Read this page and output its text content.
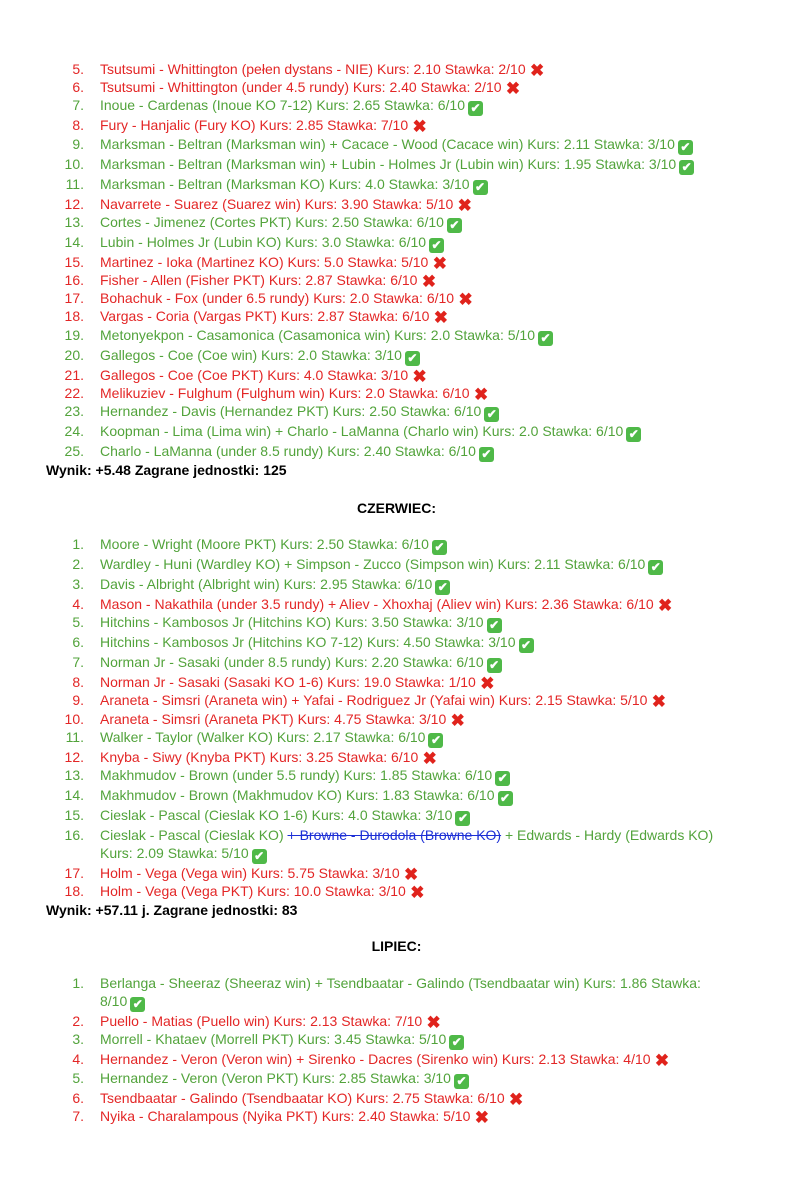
5. Tsutsumi - Whittington (pełen dystans - NIE) Kurs: 2.10 Stawka: 2/10 ✖
6. Tsutsumi - Whittington (under 4.5 rundy) Kurs: 2.40 Stawka: 2/10 ✖
7. Inoue - Cardenas (Inoue KO 7-12) Kurs: 2.65 Stawka: 6/10 ✔
8. Fury - Hanjalic (Fury KO) Kurs: 2.85 Stawka: 7/10 ✖
9. Marksman - Beltran (Marksman win) + Cacace - Wood (Cacace win) Kurs: 2.11 Stawka: 3/10 ✔
10. Marksman - Beltran (Marksman win) + Lubin - Holmes Jr (Lubin win) Kurs: 1.95 Stawka: 3/10 ✔
11. Marksman - Beltran (Marksman KO) Kurs: 4.0 Stawka: 3/10 ✔
12. Navarrete - Suarez (Suarez win) Kurs: 3.90 Stawka: 5/10 ✖
13. Cortes - Jimenez (Cortes PKT) Kurs: 2.50 Stawka: 6/10 ✔
14. Lubin - Holmes Jr (Lubin KO) Kurs: 3.0 Stawka: 6/10 ✔
15. Martinez - Ioka (Martinez KO) Kurs: 5.0 Stawka: 5/10 ✖
16. Fisher - Allen (Fisher PKT) Kurs: 2.87 Stawka: 6/10 ✖
17. Bohachuk - Fox (under 6.5 rundy) Kurs: 2.0 Stawka: 6/10 ✖
18. Vargas - Coria (Vargas PKT) Kurs: 2.87 Stawka: 6/10 ✖
19. Metonyekpon - Casamonica (Casamonica win) Kurs: 2.0 Stawka: 5/10 ✔
20. Gallegos - Coe (Coe win) Kurs: 2.0 Stawka: 3/10 ✔
21. Gallegos - Coe (Coe PKT) Kurs: 4.0 Stawka: 3/10 ✖
22. Melikuziev - Fulghum (Fulghum win) Kurs: 2.0 Stawka: 6/10 ✖
23. Hernandez - Davis (Hernandez PKT) Kurs: 2.50 Stawka: 6/10 ✔
24. Koopman - Lima (Lima win) + Charlo - LaManna (Charlo win) Kurs: 2.0 Stawka: 6/10 ✔
25. Charlo - LaManna (under 8.5 rundy) Kurs: 2.40 Stawka: 6/10 ✔
Wynik: +5.48 Zagrane jednostki: 125
CZERWIEC:
1. Moore - Wright (Moore PKT) Kurs: 2.50 Stawka: 6/10 ✔
2. Wardley - Huni (Wardley KO) + Simpson - Zucco (Simpson win) Kurs: 2.11 Stawka: 6/10 ✔
3. Davis - Albright (Albright win) Kurs: 2.95 Stawka: 6/10 ✔
4. Mason - Nakathila (under 3.5 rundy) + Aliev - Xhoxhaj (Aliev win) Kurs: 2.36 Stawka: 6/10 ✖
5. Hitchins - Kambosos Jr (Hitchins KO) Kurs: 3.50 Stawka: 3/10 ✔
6. Hitchins - Kambosos Jr (Hitchins KO 7-12) Kurs: 4.50 Stawka: 3/10 ✔
7. Norman Jr - Sasaki (under 8.5 rundy) Kurs: 2.20 Stawka: 6/10 ✔
8. Norman Jr - Sasaki (Sasaki KO 1-6) Kurs: 19.0 Stawka: 1/10 ✖
9. Araneta - Simsri (Araneta win) + Yafai - Rodriguez Jr (Yafai win) Kurs: 2.15 Stawka: 5/10 ✖
10. Araneta - Simsri (Araneta PKT) Kurs: 4.75 Stawka: 3/10 ✖
11. Walker - Taylor (Walker KO) Kurs: 2.17 Stawka: 6/10 ✔
12. Knyba - Siwy (Knyba PKT) Kurs: 3.25 Stawka: 6/10 ✖
13. Makhmudov - Brown (under 5.5 rundy) Kurs: 1.85 Stawka: 6/10 ✔
14. Makhmudov - Brown (Makhmudov KO) Kurs: 1.83 Stawka: 6/10 ✔
15. Cieslak - Pascal (Cieslak KO 1-6) Kurs: 4.0 Stawka: 3/10 ✔
16. Cieslak - Pascal (Cieslak KO) + Browne - Durodola (Browne KO) + Edwards - Hardy (Edwards KO) Kurs: 2.09 Stawka: 5/10 ✔
17. Holm - Vega (Vega win) Kurs: 5.75 Stawka: 3/10 ✖
18. Holm - Vega (Vega PKT) Kurs: 10.0 Stawka: 3/10 ✖
Wynik: +57.11 j. Zagrane jednostki: 83
LIPIEC:
1. Berlanga - Sheeraz (Sheeraz win) + Tsendbaatar - Galindo (Tsendbaatar win) Kurs: 1.86 Stawka: 8/10 ✔
2. Puello - Matias (Puello win) Kurs: 2.13 Stawka: 7/10 ✖
3. Morrell - Khataev (Morrell PKT) Kurs: 3.45 Stawka: 5/10 ✔
4. Hernandez - Veron (Veron win) + Sirenko - Dacres (Sirenko win) Kurs: 2.13 Stawka: 4/10 ✖
5. Hernandez - Veron (Veron PKT) Kurs: 2.85 Stawka: 3/10 ✔
6. Tsendbaatar - Galindo (Tsendbaatar KO) Kurs: 2.75 Stawka: 6/10 ✖
7. Nyika - Charalampous (Nyika PKT) Kurs: 2.40 Stawka: 5/10 ✖
